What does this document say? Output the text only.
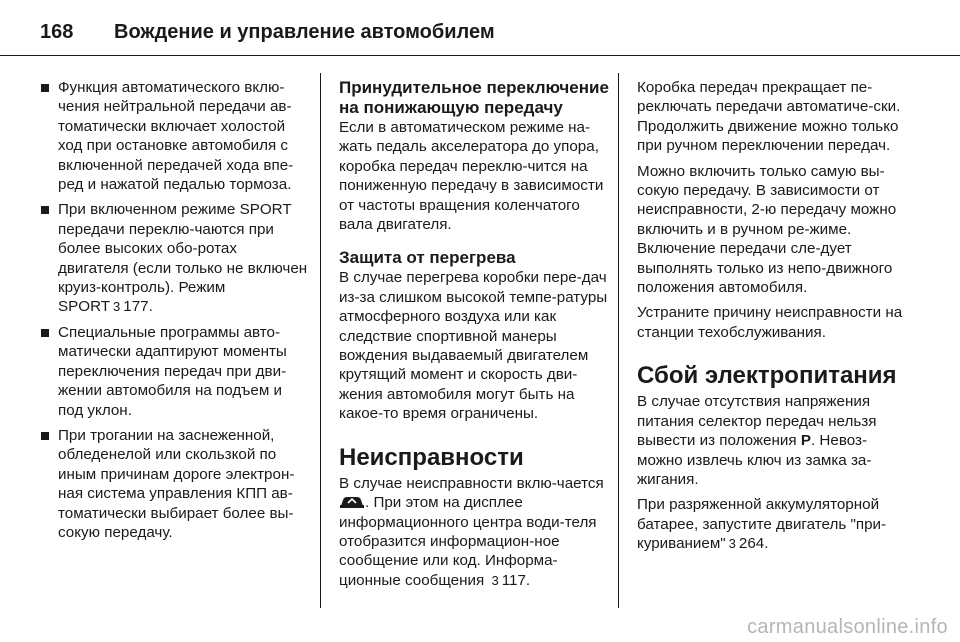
168	Вождение и управление автомобилем
Функция автоматического вклю-чения нейтральной передачи ав-томатически включает холостой ход при остановке автомобиля с включенной передачей хода впе-ред и нажатой педалью тормоза.
При включенном режиме SPORT передачи переклю-чаются при более высоких обо-ротах двигателя (если только не включен круиз-контроль). Режим SPORT 3 177.
Специальные программы авто-матически адаптируют моменты переключения передач при дви-жении автомобиля на подъем и под уклон.
При трогании на заснеженной, обледенелой или скользкой по иным причинам дороге электрон-ная система управления КПП ав-томатически выбирает более вы-сокую передачу.
Принудительное переключение на понижающую передачу

Если в автоматическом режиме на-жать педаль акселератора до упора, коробка передач переклю-чится на пониженную передачу в зависимости от частоты вращения коленчатого вала двигателя.

Защита от перегрева

В случае перегрева коробки пере-дач из-за слишком высокой темпе-ратуры атмосферного воздуха или как следствие спортивной манеры вождения выдаваемый двигателем крутящий момент и скорость дви-жения автомобиля могут быть на какое-то время ограничены.

Неисправности

В случае неисправности вклю-чается . При этом на дисплее информационного центра води-теля отобразится информацион-ное сообщение или код. Информа-ционные сообщения 3 117.

Коробка передач прекращает пе-реключать передачи автоматиче-ски. Продолжить движение можно только при ручном переключении передач.

Можно включить только самую вы-сокую передачу. В зависимости от неисправности, 2-ю передачу можно включить и в ручном ре-жиме. Включение передачи сле-дует выполнять только из непо-движного положения автомобиля.

Устраните причину неисправности на станции техобслуживания.

Сбой электропитания

В случае отсутствия напряжения питания селектор передач нельзя вывести из положения P. Невоз-можно извлечь ключ из замка за-жигания.

При разряженной аккумуляторной батарее, запустите двигатель "при-куриванием" 3 264.

carmanualsonline.info
